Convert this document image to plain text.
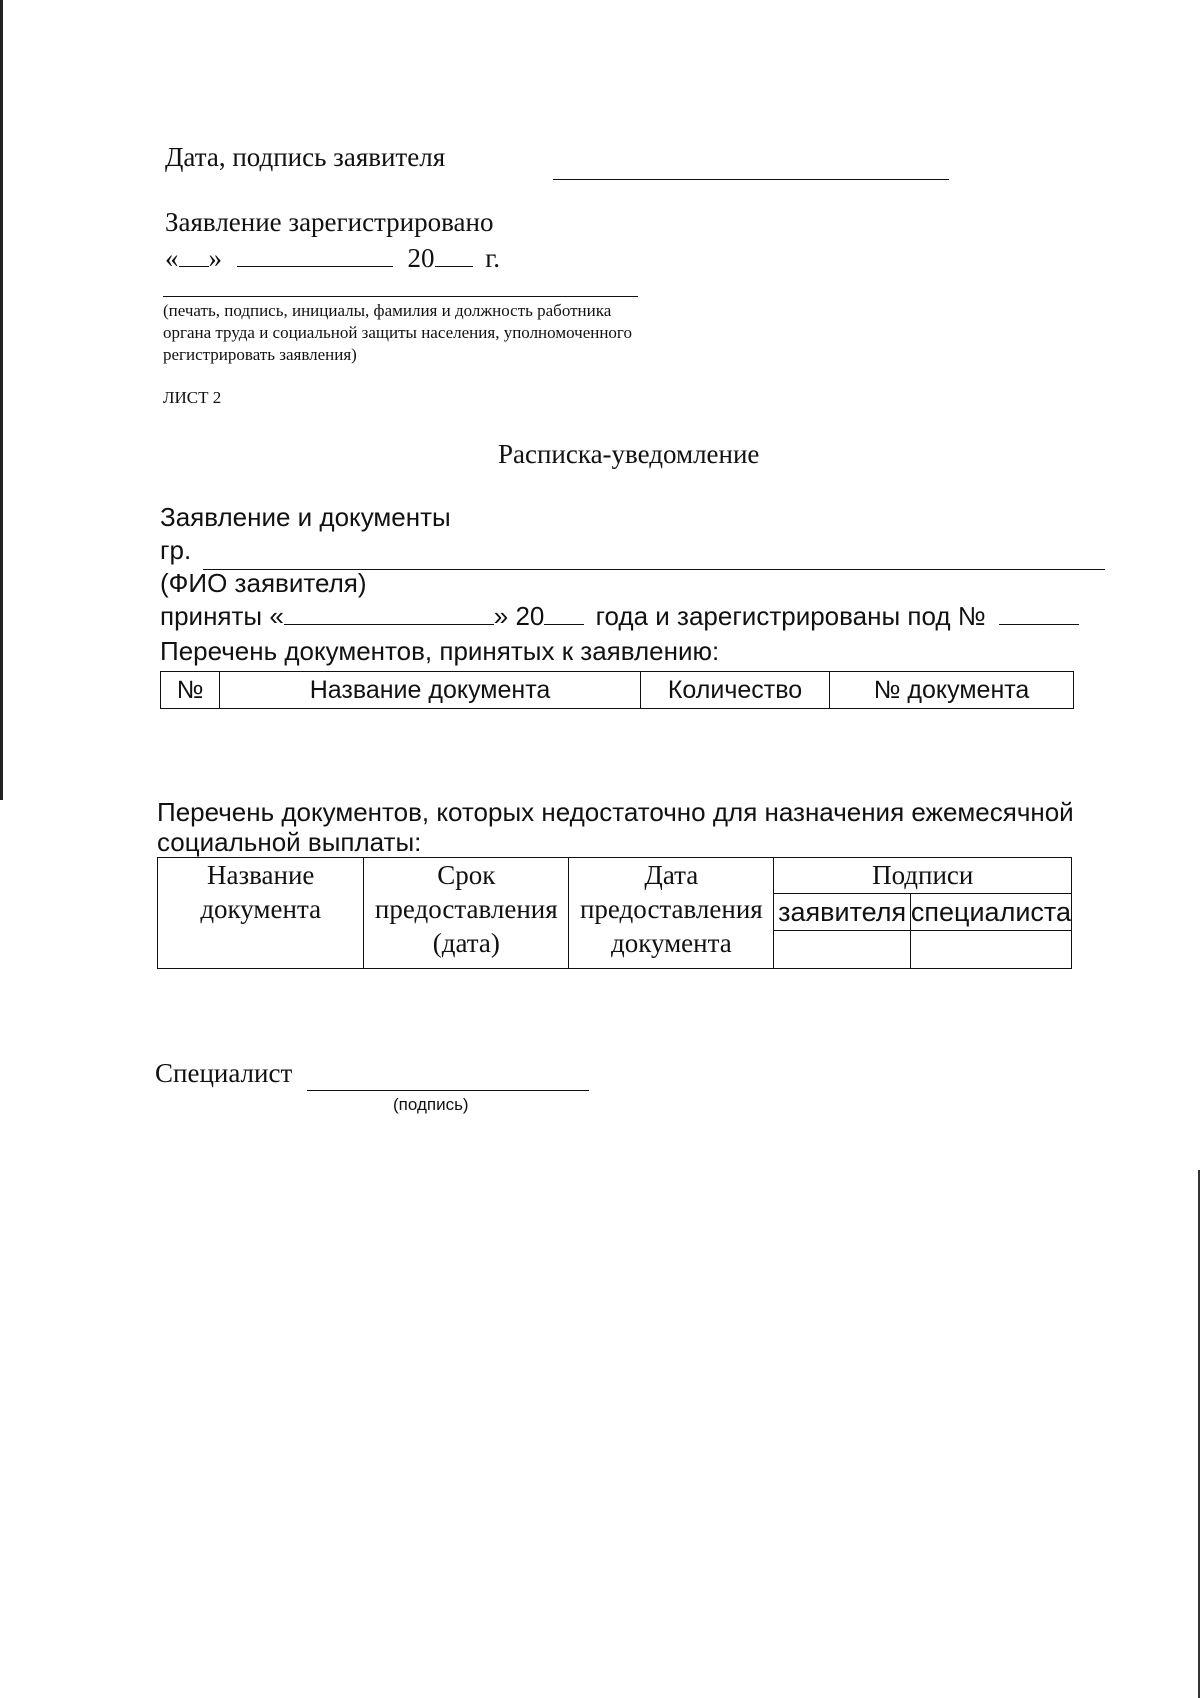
Дата, подпись заявителя
Заявление зарегистрировано
« »	20 г.
(печать, подпись, инициалы, фамилия и должность работника органа труда и социальной защиты населения, уполномоченного регистрировать заявления)
ЛИСТ 2
Расписка-уведомление
Заявление и документы
гр.
(ФИО заявителя)
приняты «	» 20 года и зарегистрированы под №
Перечень документов, принятых к заявлению:
№	Название документа	Количество	№ документа
Перечень документов, которых недостаточно для назначения ежемесячной
социальной выплаты:
Название документа	Срок предоставления (дата)	Дата предоставления документа	Подписи	
			заявителя	специалиста

Специалист
(подпись)
